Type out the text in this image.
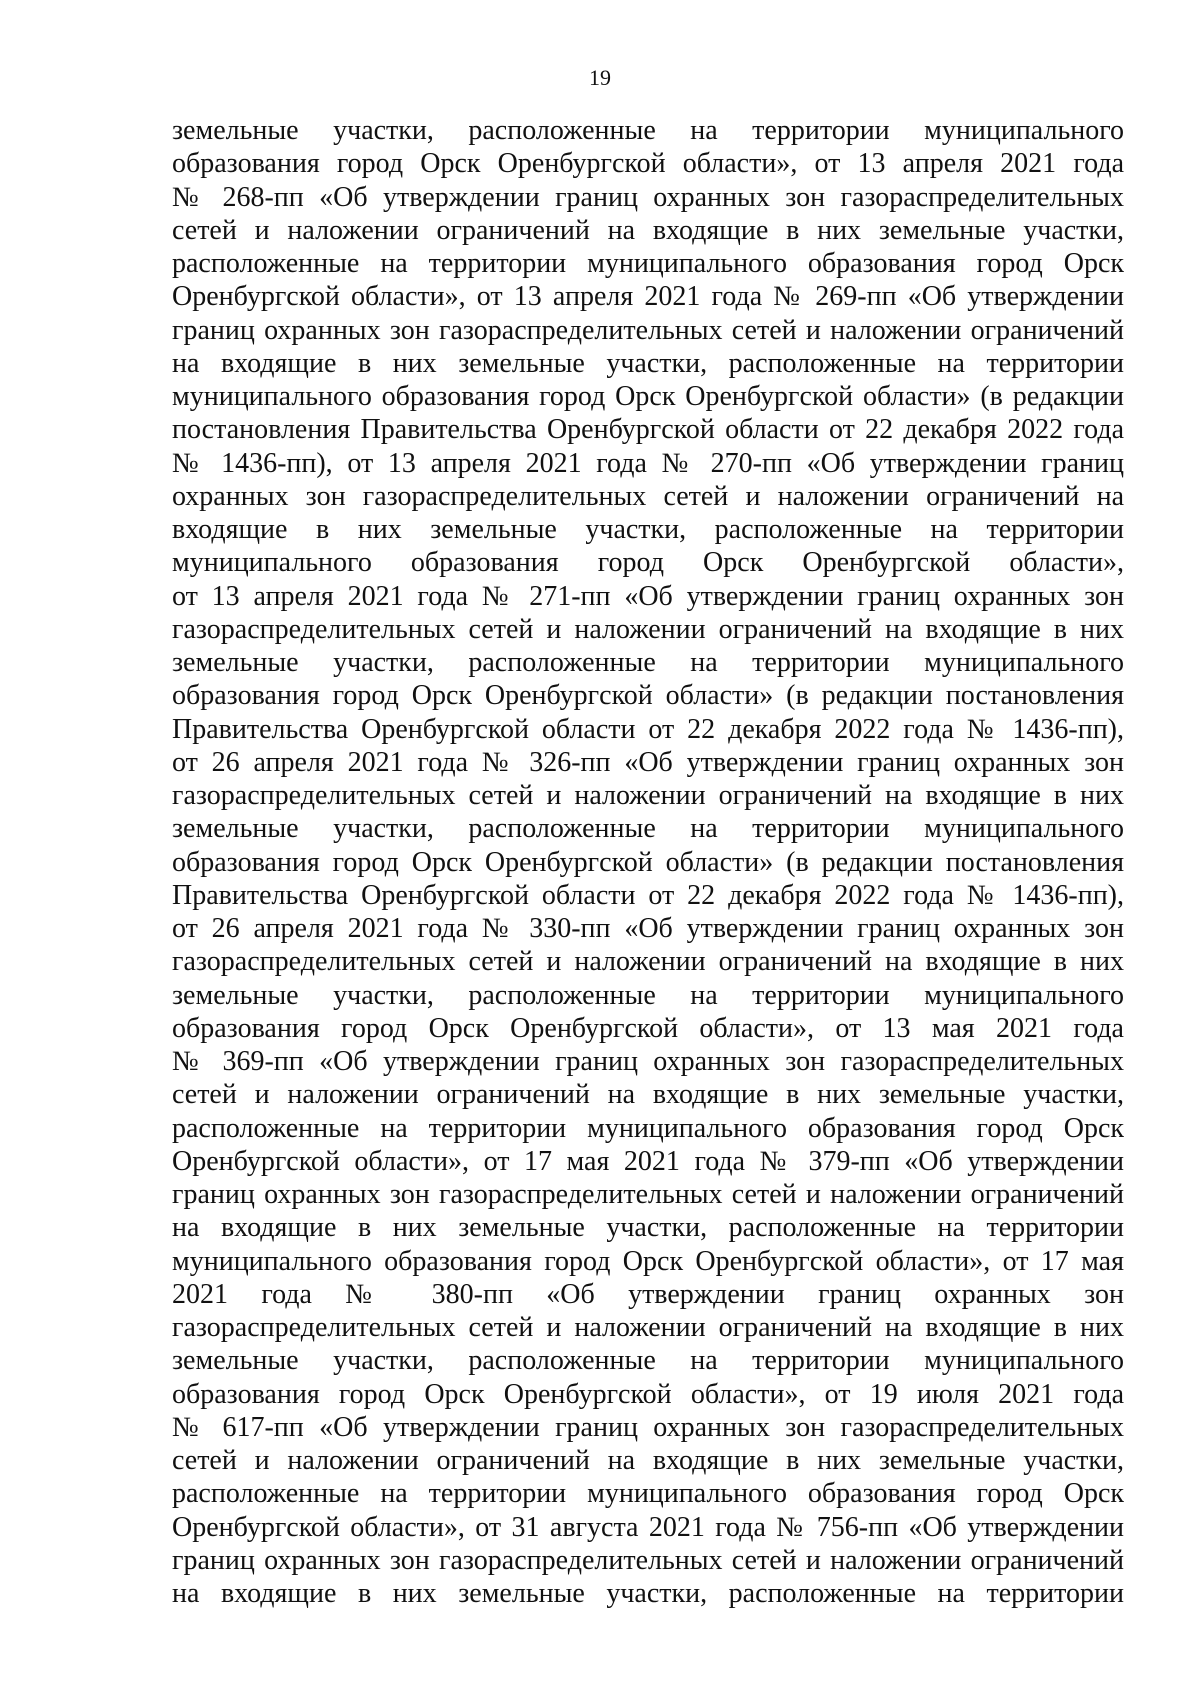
19
земельные участки, расположенные на территории муниципального
образования город Орск Оренбургской области», от 13 апреля 2021 года
№ 268-пп «Об утверждении границ охранных зон газораспределительных
сетей и наложении ограничений на входящие в них земельные участки,
расположенные на территории муниципального образования город Орск
Оренбургской области», от 13 апреля 2021 года № 269-пп «Об утверждении
границ охранных зон газораспределительных сетей и наложении ограничений
на входящие в них земельные участки, расположенные на территории
муниципального образования город Орск Оренбургской области» (в редакции
постановления Правительства Оренбургской области от 22 декабря 2022 года
№ 1436-пп), от 13 апреля 2021 года № 270-пп «Об утверждении границ
охранных зон газораспределительных сетей и наложении ограничений на
входящие в них земельные участки, расположенные на территории
муниципального образования город Орск Оренбургской области»,
от 13 апреля 2021 года № 271-пп «Об утверждении границ охранных зон
газораспределительных сетей и наложении ограничений на входящие в них
земельные участки, расположенные на территории муниципального
образования город Орск Оренбургской области» (в редакции постановления
Правительства Оренбургской области от 22 декабря 2022 года № 1436-пп),
от 26 апреля 2021 года № 326-пп «Об утверждении границ охранных зон
газораспределительных сетей и наложении ограничений на входящие в них
земельные участки, расположенные на территории муниципального
образования город Орск Оренбургской области» (в редакции постановления
Правительства Оренбургской области от 22 декабря 2022 года № 1436-пп),
от 26 апреля 2021 года № 330-пп «Об утверждении границ охранных зон
газораспределительных сетей и наложении ограничений на входящие в них
земельные участки, расположенные на территории муниципального
образования город Орск Оренбургской области», от 13 мая 2021 года
№ 369-пп «Об утверждении границ охранных зон газораспределительных
сетей и наложении ограничений на входящие в них земельные участки,
расположенные на территории муниципального образования город Орск
Оренбургской области», от 17 мая 2021 года № 379-пп «Об утверждении
границ охранных зон газораспределительных сетей и наложении ограничений
на входящие в них земельные участки, расположенные на территории
муниципального образования город Орск Оренбургской области», от 17 мая
2021 года № 380-пп «Об утверждении границ охранных зон
газораспределительных сетей и наложении ограничений на входящие в них
земельные участки, расположенные на территории муниципального
образования город Орск Оренбургской области», от 19 июля 2021 года
№ 617-пп «Об утверждении границ охранных зон газораспределительных
сетей и наложении ограничений на входящие в них земельные участки,
расположенные на территории муниципального образования город Орск
Оренбургской области», от 31 августа 2021 года № 756-пп «Об утверждении
границ охранных зон газораспределительных сетей и наложении ограничений
на входящие в них земельные участки, расположенные на территории
